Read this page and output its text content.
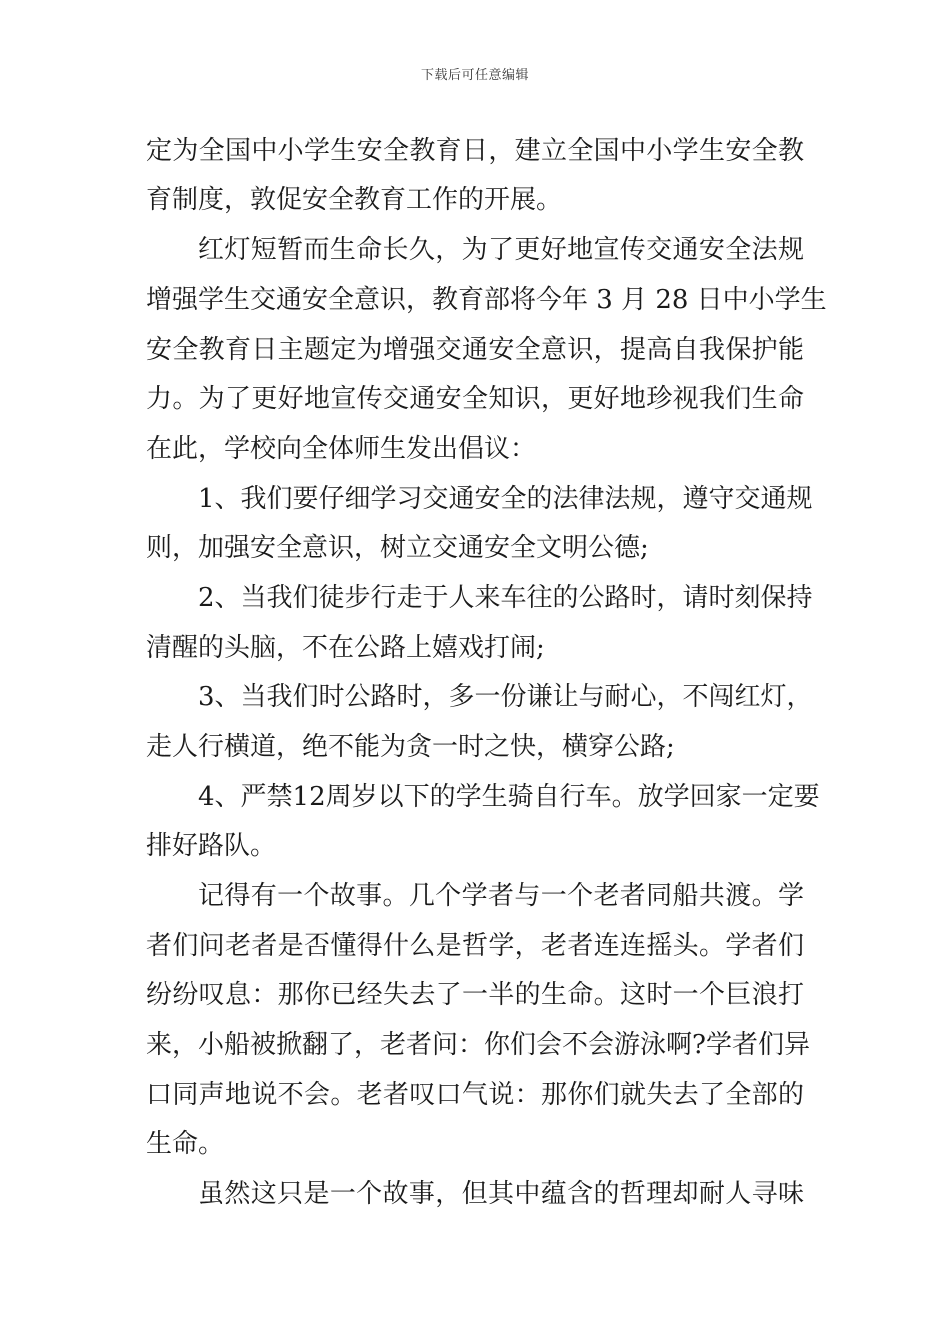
下载后可任意编辑
定为全国中小学生安全教育日，建立全国中小学生安全教
育制度，敦促安全教育工作的开展。
红灯短暂而生命长久，为了更好地宣传交通安全法规
增强学生交通安全意识，教育部将今年 3 月 28 日中小学生
安全教育日主题定为增强交通安全意识，提高自我保护能
力。为了更好地宣传交通安全知识，更好地珍视我们生命
在此，学校向全体师生发出倡议：
1、我们要仔细学习交通安全的法律法规，遵守交通规
则，加强安全意识，树立交通安全文明公德;
2、当我们徒步行走于人来车往的公路时，请时刻保持
清醒的头脑，不在公路上嬉戏打闹;
3、当我们时公路时，多一份谦让与耐心，不闯红灯，
走人行横道，绝不能为贪一时之快，横穿公路;
4、严禁12周岁以下的学生骑自行车。放学回家一定要
排好路队。
记得有一个故事。几个学者与一个老者同船共渡。学
者们问老者是否懂得什么是哲学，老者连连摇头。学者们
纷纷叹息：那你已经失去了一半的生命。这时一个巨浪打
来，小船被掀翻了，老者问：你们会不会游泳啊?学者们异
口同声地说不会。老者叹口气说：那你们就失去了全部的
生命。
虽然这只是一个故事，但其中蕴含的哲理却耐人寻味
